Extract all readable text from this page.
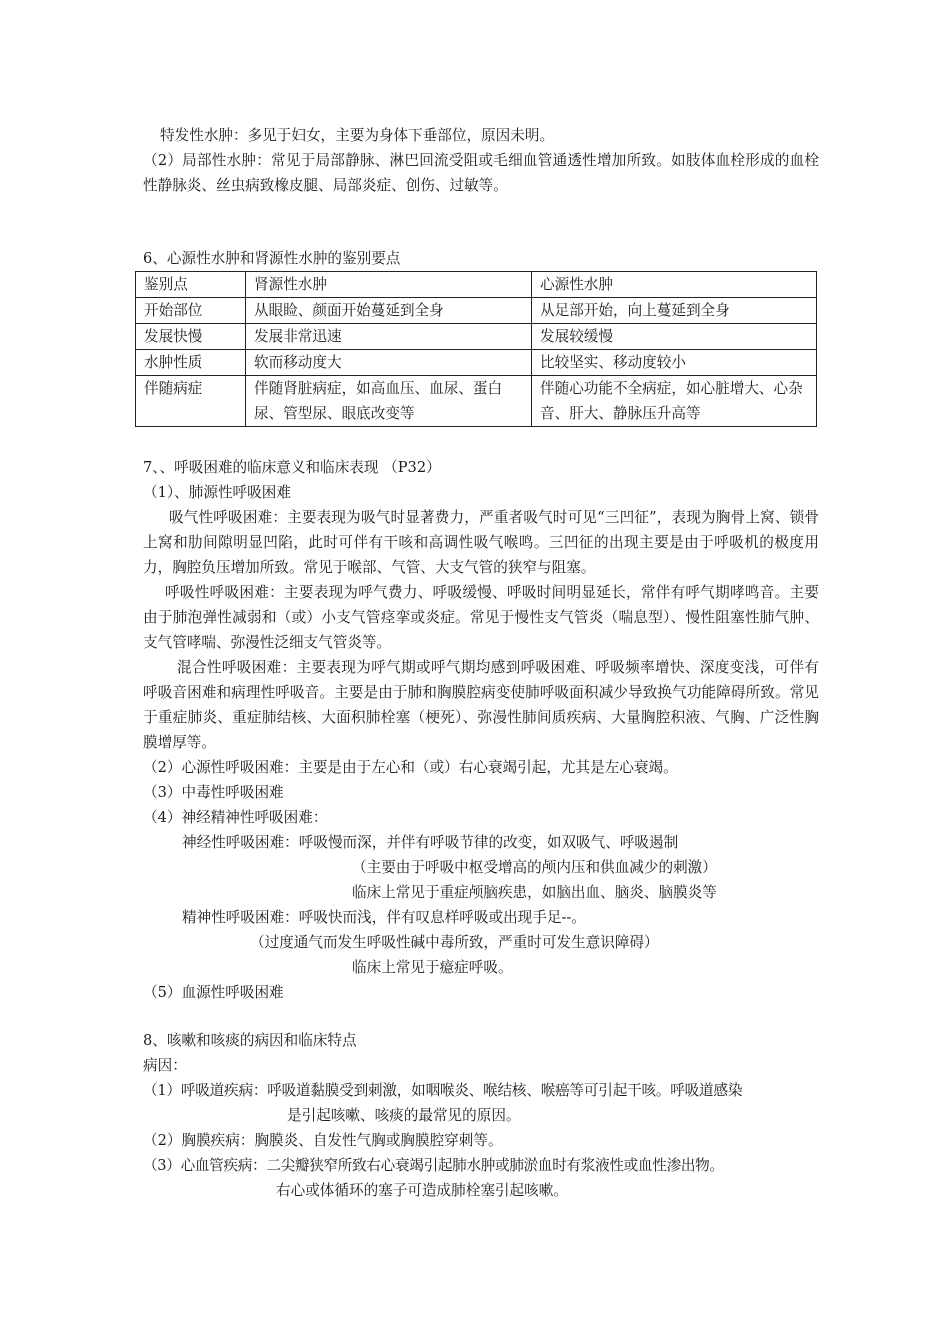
特发性水肿：多见于妇女，主要为身体下垂部位，原因未明。

（2）局部性水肿：常见于局部静脉、淋巴回流受阻或毛细血管通透性增加所致。如肢体血栓形成的血栓性静脉炎、丝虫病致橡皮腿、局部炎症、创伤、过敏等。

6、心源性水肿和肾源性水肿的鉴别要点
鉴别点	肾源性水肿	心源性水肿
开始部位	从眼睑、颜面开始蔓延到全身	从足部开始，向上蔓延到全身
发展快慢	发展非常迅速	发展较缓慢
水肿性质	软而移动度大	比较坚实、移动度较小
伴随病症	伴随肾脏病症，如高血压、血尿、蛋白尿、管型尿、眼底改变等	伴随心功能不全病症，如心脏增大、心杂音、肝大、静脉压升高等
7、、呼吸困难的临床意义和临床表现 （P32）
（1）、肺源性呼吸困难

吸气性呼吸困难：主要表现为吸气时显著费力，严重者吸气时可见“三凹征”，表现为胸骨上窝、锁骨上窝和肋间隙明显凹陷，此时可伴有干咳和高调性吸气喉鸣。三凹征的出现主要是由于呼吸机的极度用力，胸腔负压增加所致。常见于喉部、气管、大支气管的狭窄与阻塞。

呼吸性呼吸困难：主要表现为呼气费力、呼吸缓慢、呼吸时间明显延长，常伴有呼气期哮鸣音。主要由于肺泡弹性减弱和（或）小支气管痉挛或炎症。常见于慢性支气管炎（喘息型）、慢性阻塞性肺气肿、支气管哮喘、弥漫性泛细支气管炎等。

混合性呼吸困难：主要表现为呼气期或呼气期均感到呼吸困难、呼吸频率增快、深度变浅，可伴有呼吸音困难和病理性呼吸音。主要是由于肺和胸膜腔病变使肺呼吸面积减少导致换气功能障碍所致。常见于重症肺炎、重症肺结核、大面积肺栓塞（梗死）、弥漫性肺间质疾病、大量胸腔积液、气胸、广泛性胸膜增厚等。

（2）心源性呼吸困难：主要是由于左心和（或）右心衰竭引起，尤其是左心衰竭。
（3）中毒性呼吸困难
（4）神经精神性呼吸困难：
神经性呼吸困难：呼吸慢而深，并伴有呼吸节律的改变，如双吸气、呼吸遏制
（主要由于呼吸中枢受增高的颅内压和供血减少的刺激）
临床上常见于重症颅脑疾患，如脑出血、脑炎、脑膜炎等
精神性呼吸困难：呼吸快而浅，伴有叹息样呼吸或出现手足--。
（过度通气而发生呼吸性碱中毒所致，严重时可发生意识障碍）
临床上常见于癔症呼吸。
（5）血源性呼吸困难
8、咳嗽和咳痰的病因和临床特点
病因：
（1）呼吸道疾病：呼吸道黏膜受到刺激，如咽喉炎、喉结核、喉癌等可引起干咳。呼吸道感染
是引起咳嗽、咳痰的最常见的原因。
（2）胸膜疾病：胸膜炎、自发性气胸或胸膜腔穿刺等。
（3）心血管疾病：二尖瓣狭窄所致右心衰竭引起肺水肿或肺淤血时有浆液性或血性渗出物。
右心或体循环的塞子可造成肺栓塞引起咳嗽。
